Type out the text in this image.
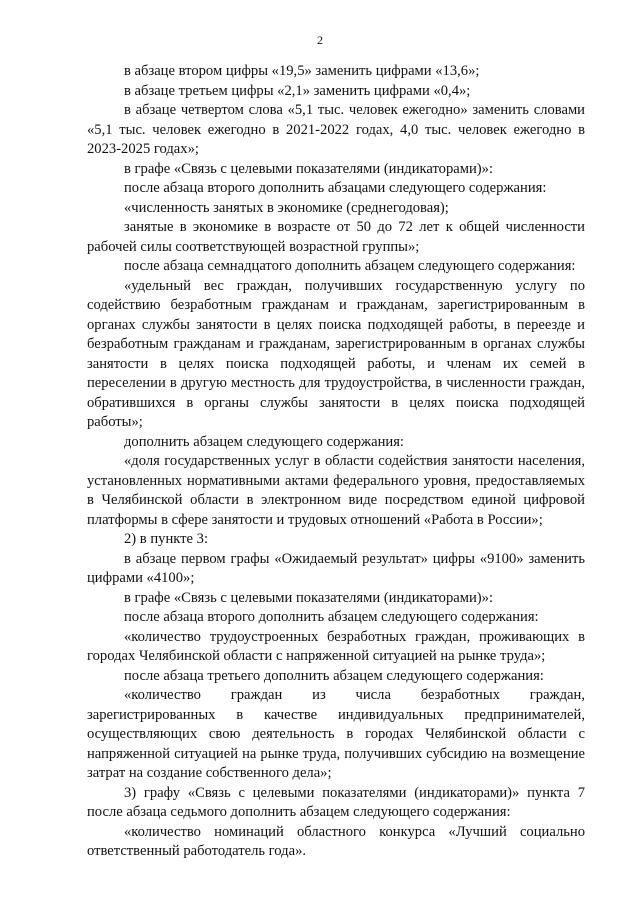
2

в абзаце втором цифры «19,5» заменить цифрами «13,6»;

в абзаце третьем цифры «2,1» заменить цифрами «0,4»;

в абзаце четвертом слова «5,1 тыс. человек ежегодно» заменить словами «5,1 тыс. человек ежегодно в 2021-2022 годах, 4,0 тыс. человек ежегодно в 2023-2025 годах»;

в графе «Связь с целевыми показателями (индикаторами)»:

после абзаца второго дополнить абзацами следующего содержания:

«численность занятых в экономике (среднегодовая);

занятые в экономике в возрасте от 50 до 72 лет к общей численности рабочей силы соответствующей возрастной группы»;

после абзаца семнадцатого дополнить абзацем следующего содержания:

«удельный вес граждан, получивших государственную услугу по содействию безработным гражданам и гражданам, зарегистрированным в органах службы занятости в целях поиска подходящей работы, в переезде и безработным гражданам и гражданам, зарегистрированным в органах службы занятости в целях поиска подходящей работы, и членам их семей в переселении в другую местность для трудоустройства, в численности граждан, обратившихся в органы службы занятости в целях поиска подходящей работы»;

дополнить абзацем следующего содержания:

«доля государственных услуг в области содействия занятости населения, установленных нормативными актами федерального уровня, предоставляемых в Челябинской области в электронном виде посредством единой цифровой платформы в сфере занятости и трудовых отношений «Работа в России»;

2) в пункте 3:

в абзаце первом графы «Ожидаемый результат» цифры «9100» заменить цифрами «4100»;

в графе «Связь с целевыми показателями (индикаторами)»:

после абзаца второго дополнить абзацем следующего содержания:

«количество трудоустроенных безработных граждан, проживающих в городах Челябинской области с напряженной ситуацией на рынке труда»;

после абзаца третьего дополнить абзацем следующего содержания:

«количество граждан из числа безработных граждан, зарегистрированных в качестве индивидуальных предпринимателей, осуществляющих свою деятельность в городах Челябинской области с напряженной ситуацией на рынке труда, получивших субсидию на возмещение затрат на создание собственного дела»;

3) графу «Связь с целевыми показателями (индикаторами)» пункта 7 после абзаца седьмого дополнить абзацем следующего содержания:

«количество номинаций областного конкурса «Лучший социально ответственный работодатель года».
